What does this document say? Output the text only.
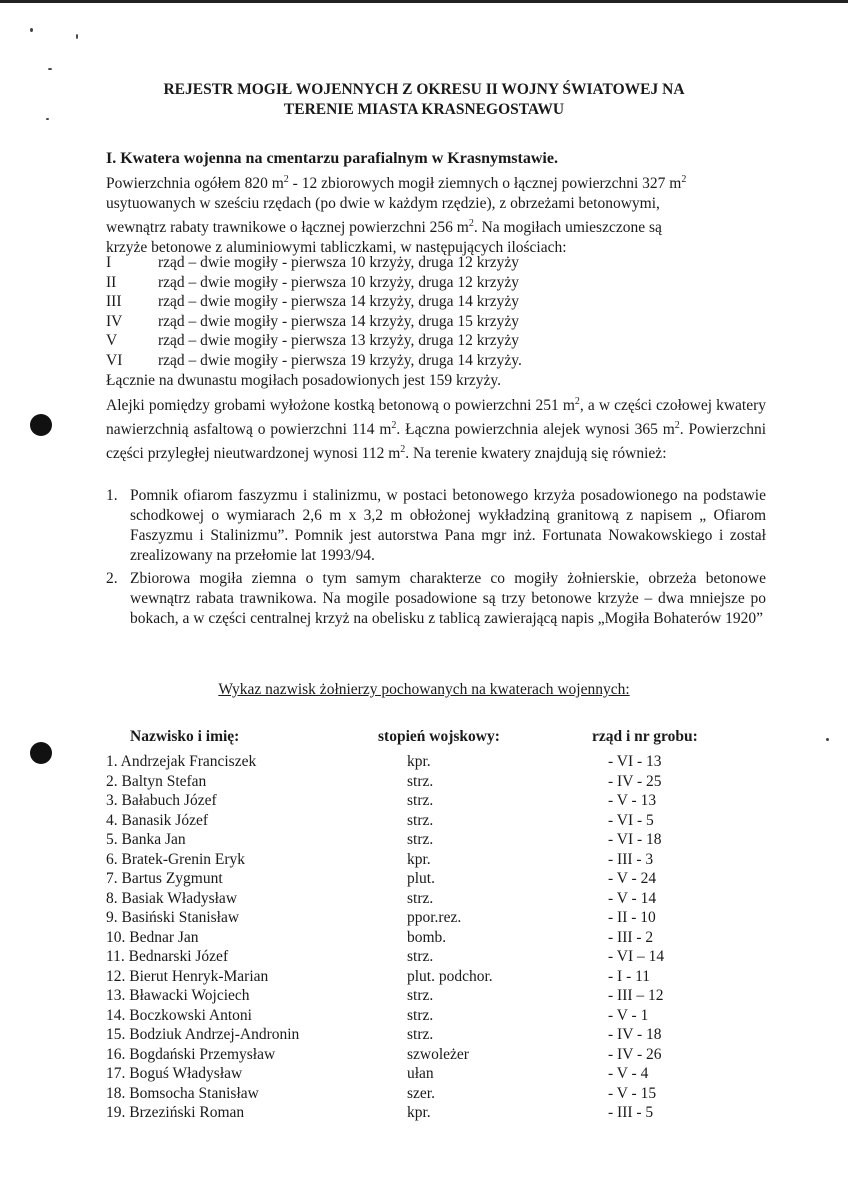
REJESTR MOGIŁ WOJENNYCH Z OKRESU II WOJNY ŚWIATOWEJ NA
TERENIE MIASTA KRASNEGOSTAWU
I. Kwatera wojenna na cmentarzu parafialnym w Krasnymstawie.
Powierzchnia ogółem 820 $m^2 - 12$ zbiorowych mogił ziemnych o łącznej powierzchni 327 $m^2$
usytuowanych w sześciu rzędach (po dwie w każdym rzędzie), z obrzeżami betonowymi,
wewnątrz rabaty trawnikowe o łącznej powierzchni 256 $m^2$. Na mogiłach umieszczone są
krzyże betonowe z aluminiowymi tabliczkami, w następujących ilościach:
I	rząd – dwie mogiły - pierwsza 10 krzyży, druga 12 krzyży
II	rząd – dwie mogiły - pierwsza 10 krzyży, druga 12 krzyży
III rząd – dwie mogiły - pierwsza 14 krzyży, druga 14 krzyży
IV rząd – dwie mogiły - pierwsza 14 krzyży, druga 15 krzyży
V	rząd – dwie mogiły - pierwsza 13 krzyży, druga 12 krzyży
VI rząd – dwie mogiły - pierwsza 19 krzyży, druga 14 krzyży.
Łącznie na dwunastu mogiłach posadowionych jest 159 krzyży.
Alejki pomiędzy grobami wyłożone kostką betonową o powierzchni 251 $m^2$, a w części czołowej kwatery nawierzchnią asfaltową o powierzchni 114 $m^2$. Łączna powierzchnia alejek wynosi 365 $m^2$. Powierzchni części przyległej nieutwardzonej wynosi 112 $m^2$. Na terenie kwatery znajdują się również:
1. Pomnik ofiarom faszyzmu i stalinizmu, w postaci betonowego krzyża posadowionego na podstawie schodkowej o wymiarach 2,6 m x 3,2 m obłożonej wykładziną granitową z napisem „ Ofiarom Faszyzmu i Stalinizmu”. Pomnik jest autorstwa Pana mgr inż. Fortunata Nowakowskiego i został zrealizowany na przełomie lat 1993/94.
2. Zbiorowa mogiła ziemna o tym samym charakterze co mogiły żołnierskie, obrzeża betonowe wewnątrz rabata trawnikowa. Na mogile posadowione są trzy betonowe krzyże – dwa mniejsze po bokach, a w części centralnej krzyż na obelisku z tablicą zawierającą napis „Mogiła Bohaterów 1920”
Wykaz nazwisk żołnierzy pochowanych na kwaterach wojennych:
Nazwisko i imię:	stopień wojskowy:	rząd i nr grobu:
1. Andrzejak Franciszek	kpr.	- VI - 13
2. Baltyn Stefan	strz.	- IV - 25
3. Bałabuch Józef	strz.	- V - 13
4. Banasik Józef	strz.	- VI - 5
5. Banka Jan	strz.	- VI - 18
6. Bratek-Grenin Eryk	kpr.	- III - 3
7. Bartus Zygmunt	plut.	- V - 24
8. Basiak Władysław	strz.	- V - 14
9. Basiński Stanisław	ppor.rez.	- II - 10
10. Bednar Jan	bomb.	- III - 2
11. Bednarski Józef	strz.	- VI – 14
12. Bierut Henryk-Marian	plut. podchor.	- I - 11
13. Bławacki Wojciech	strz.	- III – 12
14. Boczkowski Antoni	strz.	- V - 1
15. Bodziuk Andrzej-Andronin	strz.	- IV - 18
16. Bogdański Przemysław	szwoleżer	- IV - 26
17. Boguś Władysław	ułan	- V - 4
18. Bomsocha Stanisław	szer.	- V - 15
19. Brzeziński Roman	kpr.	- III - 5
